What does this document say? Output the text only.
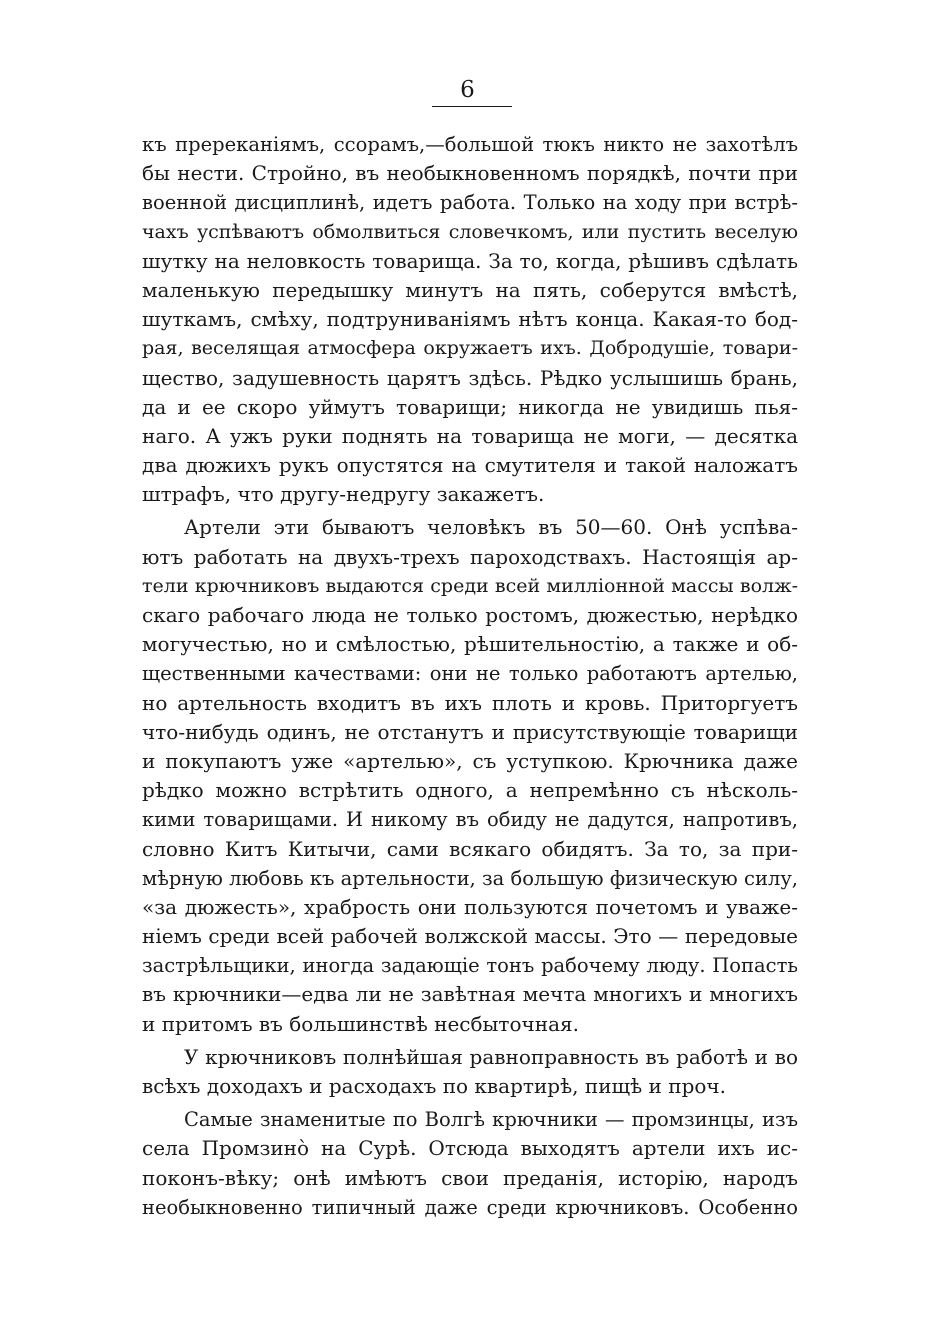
6
къ пререканіямъ, ссорамъ,—большой тюкъ никто не захотѣлъ
бы нести. Стройно, въ необыкновенномъ порядкѣ, почти при
военной дисциплинѣ, идетъ работа. Только на ходу при встрѣ-
чахъ успѣваютъ обмолвиться словечкомъ, или пустить веселую
шутку на неловкость товарища. За то, когда, рѣшивъ сдѣлать
маленькую передышку минутъ на пять, соберутся вмѣстѣ,
шуткамъ, смѣху, подтруниваніямъ нѣтъ конца. Какая-то бод-
рая, веселящая атмосфера окружаетъ ихъ. Добродушіе, товари-
щество, задушевность царятъ здѣсь. Рѣдко услышишь брань,
да и ее скоро уймутъ товарищи; никогда не увидишь пья-
наго. А ужъ руки поднять на товарища не моги, — десятка
два дюжихъ рукъ опустятся на смутителя и такой наложатъ
штрафъ, что другу-недругу закажетъ.
Артели эти бываютъ человѣкъ въ 50—60. Онѣ успѣва-
ютъ работать на двухъ-трехъ пароходствахъ. Настоящія ар-
тели крючниковъ выдаются среди всей милліонной массы волж-
скаго рабочаго люда не только ростомъ, дюжестью, нерѣдко
могучестью, но и смѣлостью, рѣшительностію, а также и об-
щественными качествами: они не только работаютъ артелью,
но артельность входитъ въ ихъ плоть и кровь. Приторгуетъ
что-нибудь одинъ, не отстанутъ и присутствующіе товарищи
и покупаютъ уже «артелью», съ уступкою. Крючника даже
рѣдко можно встрѣтить одного, а непремѣнно съ нѣсколь-
кими товарищами. И никому въ обиду не дадутся, напротивъ,
словно Китъ Китычи, сами всякаго обидятъ. За то, за при-
мѣрную любовь къ артельности, за большую физическую силу,
«за дюжесть», храбрость они пользуются почетомъ и уваже-
ніемъ среди всей рабочей волжской массы. Это — передовые
застрѣльщики, иногда задающіе тонъ рабочему люду. Попасть
въ крючники—едва ли не завѣтная мечта многихъ и многихъ
и притомъ въ большинствѣ несбыточная.
У крючниковъ полнѣйшая равноправность въ работѣ и во
всѣхъ доходахъ и расходахъ по квартирѣ, пищѣ и проч.
Самые знаменитые по Волгѣ крючники — промзинцы, изъ
села Промзинò на Сурѣ. Отсюда выходятъ артели ихъ ис-
поконъ-вѣку; онѣ имѣютъ свои преданія, исторію, народъ
необыкновенно типичный даже среди крючниковъ. Особенно
